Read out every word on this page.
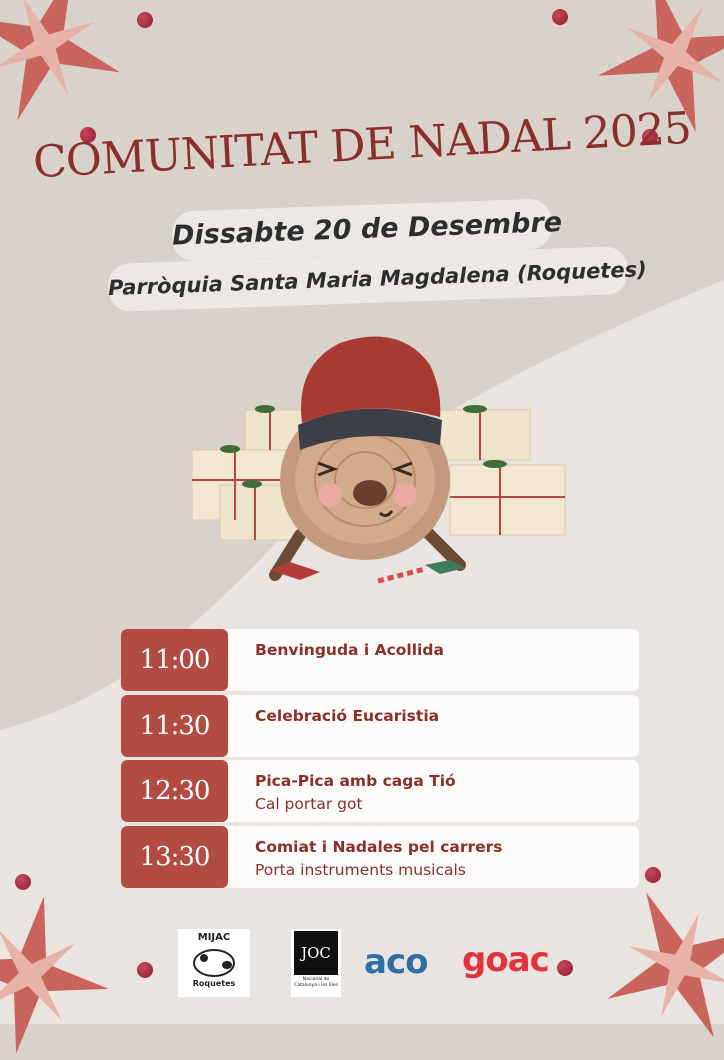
COMUNITAT DE NADAL 2025
Dissabte 20 de Desembre
Parròquia Santa Maria Magdalena (Roquetes)
11:00	Benvinguda i Acollida
11:30	Celebració Eucaristia
12:30	Pica-Pica amb caga Tió
Cal portar got
13:30	Comiat i Nadales pel carrers
Porta instruments musicals
MIJAC
Roquetes
JOC
Nacional de Catalunya i les Illes
aco goac
